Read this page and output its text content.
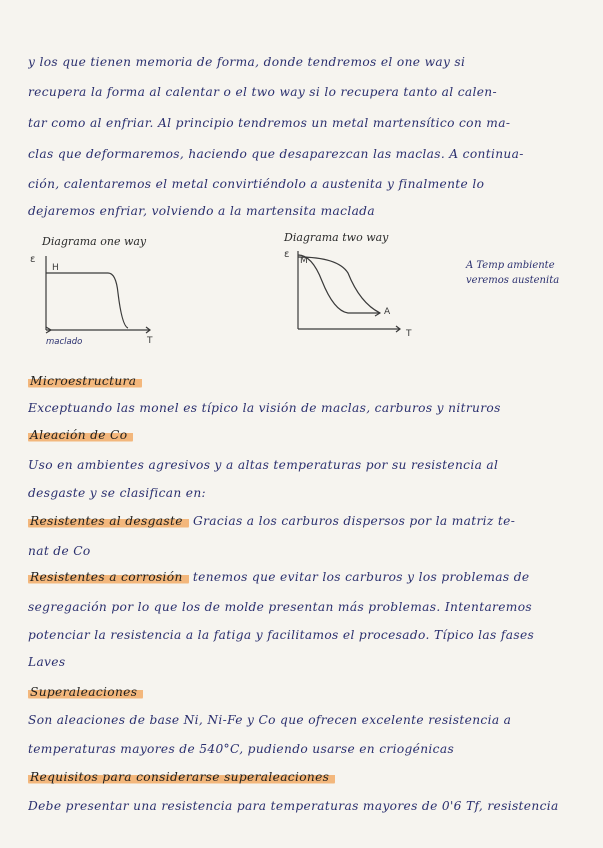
y los que tienen memoria de forma, donde tendremos el one way si
recupera la forma al calentar o el two way si lo recupera tanto al calen-
tar como al enfriar. Al principio tendremos un metal martensítico con ma-
clas que deformaremos, haciendo que desaparezcan las maclas. A continua-
ción, calentaremos el metal convirtiéndolo a austenita y finalmente lo
dejaremos enfriar, volviendo a la martensita maclada
Diagrama one way
ε
H
T
maclado
Diagrama two way
ε
M
A
T
A Temp ambiente
veremos austenita
Microestructura
Exceptuando las monel es típico la visión de maclas, carburos y nitruros
Aleación de Co
Uso en ambientes agresivos y a altas temperaturas por su resistencia al
desgaste y se clasifican en:
Resistentes al desgaste Gracias a los carburos dispersos por la matriz te-
nat de Co
Resistentes a corrosión tenemos que evitar los carburos y los problemas de
segregación por lo que los de molde presentan más problemas. Intentaremos
potenciar la resistencia a la fatiga y facilitamos el procesado. Típico las fases
Laves
Superaleaciones
Son aleaciones de base Ni, Ni-Fe y Co que ofrecen excelente resistencia a
temperaturas mayores de 540°C, pudiendo usarse en criogénicas
Requisitos para considerarse superaleaciones
Debe presentar una resistencia para temperaturas mayores de 0'6 Tf, resistencia
